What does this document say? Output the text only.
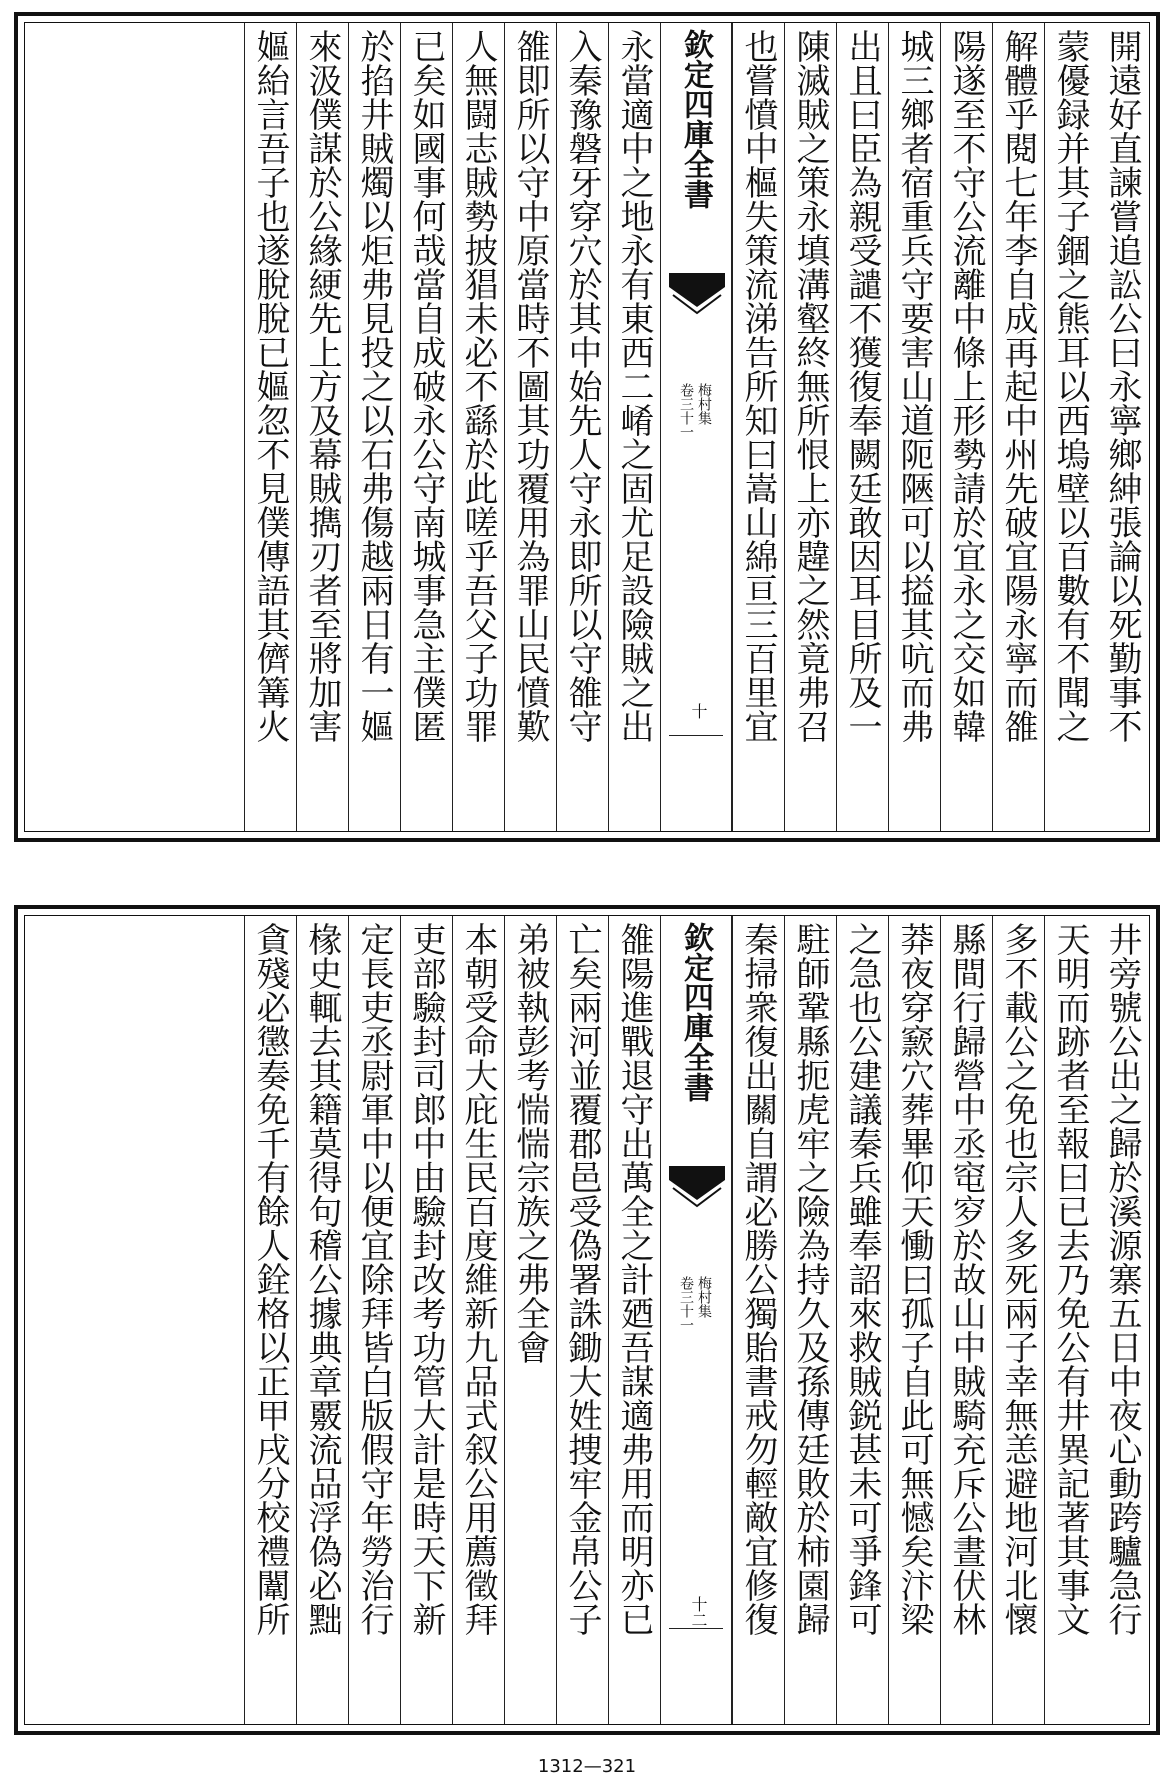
開遠好直諫嘗追訟公曰永寧鄉紳張論以死勤事不
蒙優録并其子錮之熊耳以西塢壁以百數有不聞之
解體乎閱七年李自成再起中州先破宜陽永寧而雒
陽遂至不守公流離中條上形勢請於宜永之交如韓
城三鄉者宿重兵守要害山道阨陿可以搤其吭而弗
出且曰臣為親受譴不獲復奉闕廷敢因耳目所及一
陳滅賊之策永填溝壑終無所恨上亦韙之然竟弗召
也嘗憤中樞失策流涕告所知曰嵩山綿亘三百里宜
欽定四庫全書
梅村集
卷三十一
十
永當適中之地永有東西二崤之固尤足設險賊之出
入秦豫磐牙穿穴於其中始先人守永即所以守雒守
雒即所以守中原當時不圖其功覆用為罪山民憤歎
人無闘志賊勢披猖未必不繇於此嗟乎吾父子功罪
已矣如國事何哉當自成破永公守南城事急主僕匿
於掐井賊燭以炬弗見投之以石弗傷越兩日有一嫗
來汲僕謀於公緣綆先上方及幕賊擕刃者至將加害
嫗紿言吾子也遂脫脫已嫗忽不見僕傳語其儕篝火
井旁號公出之歸於溪源寨五日中夜心動跨驢急行
天明而跡者至報曰已去乃免公有井異記著其事文
多不載公之免也宗人多死兩子幸無恙避地河北懷
縣間行歸營中丞窀穸於故山中賊騎充斥公晝伏林
莽夜穿窾穴葬畢仰天慟曰孤子自此可無憾矣汴梁
之急也公建議秦兵雖奉詔來救賊鋭甚未可爭鋒可
駐師鞏縣扼虎牢之險為持久及孫傳廷敗於柿園歸
秦掃衆復出關自謂必勝公獨貽書戒勿輕敵宜修復
欽定四庫全書
梅村集
卷三十一
十二
雒陽進戰退守出萬全之計廼吾謀適弗用而明亦已
亡矣兩河並覆郡邑受偽署誅鋤大姓捜牢金帛公子
弟被執彭考惴惴宗族之弗全會
本朝受命大庇生民百度維新九品式叙公用薦徵拜
吏部驗封司郎中由驗封改考功管大計是時天下新
定長吏丞尉軍中以便宜除拜皆白版假守年勞治行
椽史輒去其籍莫得句稽公據典章覈流品浮偽必黜
貪殘必懲奏免千有餘人銓格以正甲戌分校禮闈所
1312—321
